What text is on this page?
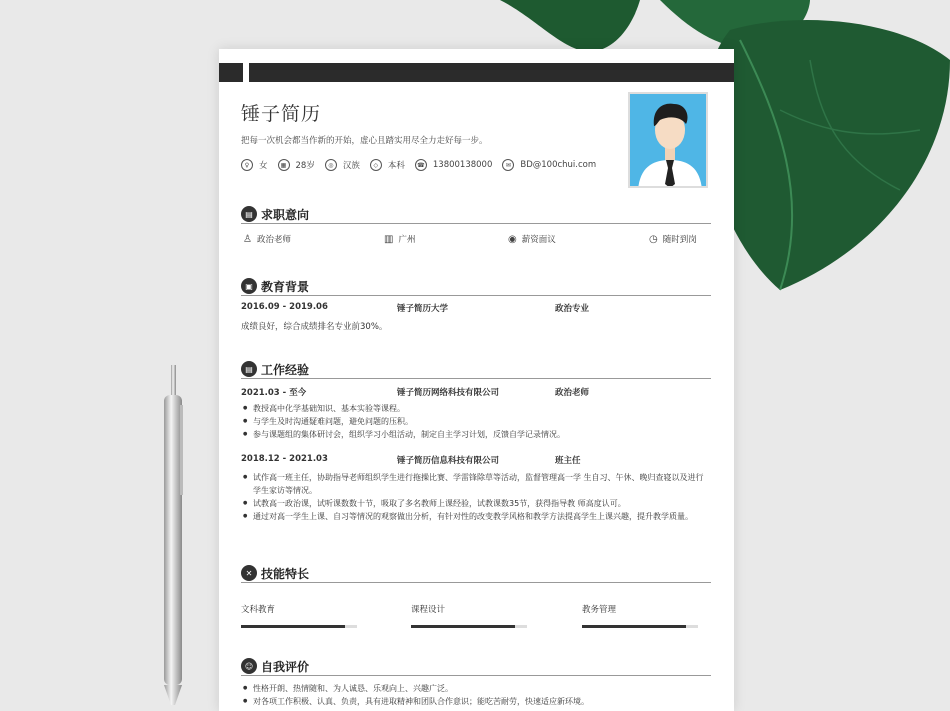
锤子简历
把每一次机会都当作新的开始，虚心且踏实用尽全力走好每一步。
♀	女	▦	28岁	◎	汉族	◇	本科	☎ 13800138000	✉	BD@100chui.com
▤ 求职意向
♙ 政治老师	▥ 广州	◉ 薪资面议	◷ 随时到岗
▣ 教育背景
2016.09 - 2019.06	锤子简历大学	政治专业
成绩良好，综合成绩排名专业前30%。
▤ 工作经验
2021.03 - 至今	锤子简历网络科技有限公司	政治老师
● 教授高中化学基础知识、基本实验等课程。
● 与学生及时沟通疑难问题，避免问题的压积。
● 参与课题组的集体研讨会，组织学习小组活动，制定自主学习计划，反馈自学记录情况。
2018.12 - 2021.03	锤子简历信息科技有限公司	班主任
● 试作高一班主任，协助指导老师组织学生进行拖操比赛、学雷锋除草等活动，监督管理高一学 生自习、午休、晚归查寝以及进行学生家访等情况。
● 试教高一政治课，试听课数数十节，吸取了多名教师上课经验，试教课数35节，获得指导教 师高度认可。
● 通过对高一学生上课、自习等情况的观察做出分析，有针对性的改变教学风格和教学方法提高学生上课兴趣，提升教学质量。
✕ 技能特长
文科教育	课程设计	教务管理
☺ 自我评价
● 性格开朗、热情随和、为人诚恳、乐观向上、兴趣广泛。
● 对各项工作积极、认真、负责，具有进取精神和团队合作意识；能吃苦耐劳，快速适应新环境。
